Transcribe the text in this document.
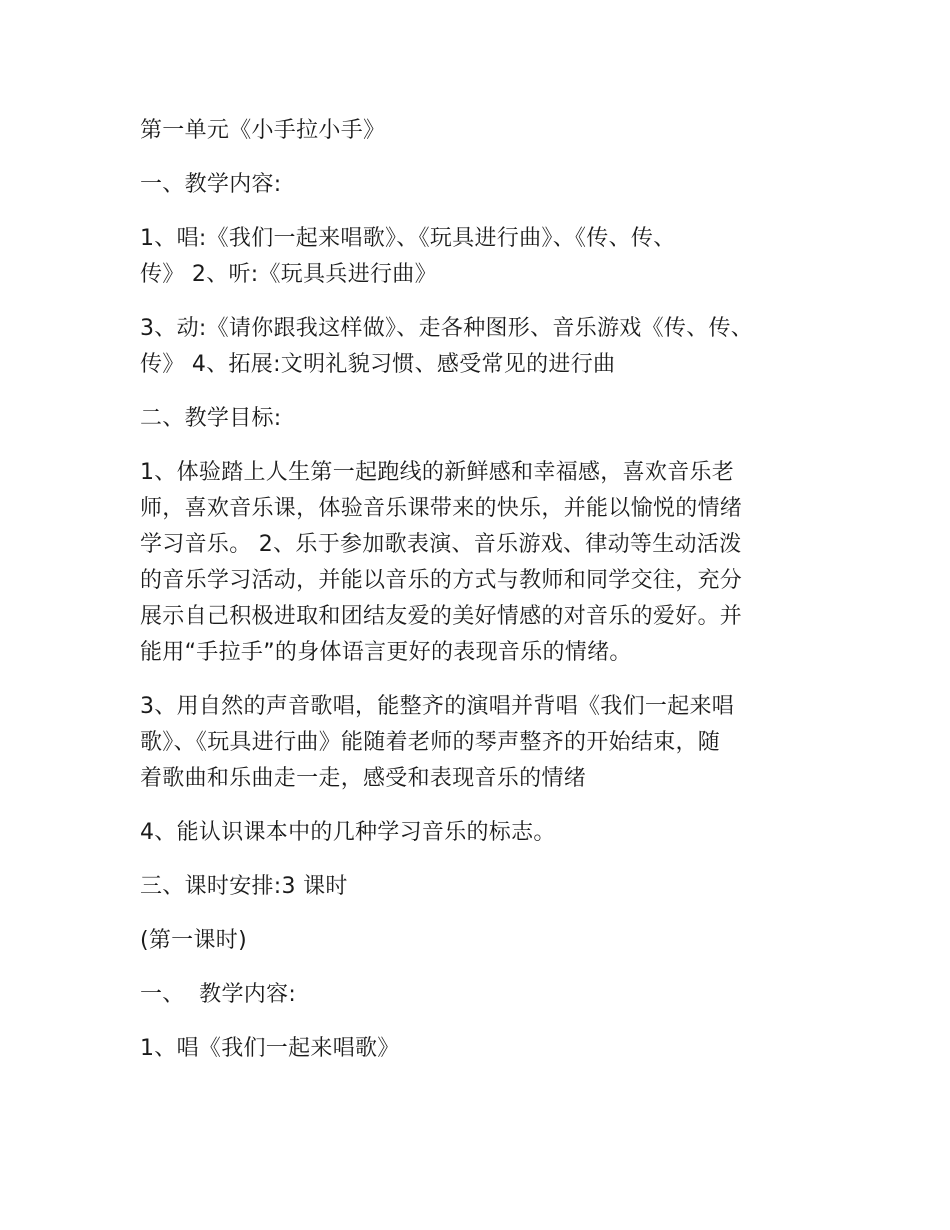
第一单元《小手拉小手》

一、教学内容:

1、唱:《我们一起来唱歌》、《玩具进行曲》、《传、传、
传》 2、听:《玩具兵进行曲》

3、动:《请你跟我这样做》、走各种图形、音乐游戏《传、传、
传》 4、拓展:文明礼貌习惯、感受常见的进行曲

二、教学目标:

1、体验踏上人生第一起跑线的新鲜感和幸福感，喜欢音乐老
师，喜欢音乐课，体验音乐课带来的快乐，并能以愉悦的情绪
学习音乐。 2、乐于参加歌表演、音乐游戏、律动等生动活泼
的音乐学习活动，并能以音乐的方式与教师和同学交往，充分
展示自己积极进取和团结友爱的美好情感的对音乐的爱好。并
能用“手拉手”的身体语言更好的表现音乐的情绪。

3、用自然的声音歌唱，能整齐的演唱并背唱《我们一起来唱
歌》、《玩具进行曲》能随着老师的琴声整齐的开始结束，随
着歌曲和乐曲走一走，感受和表现音乐的情绪

4、能认识课本中的几种学习音乐的标志。

三、课时安排:3 课时

(第一课时)

一、  教学内容:

1、唱《我们一起来唱歌》
